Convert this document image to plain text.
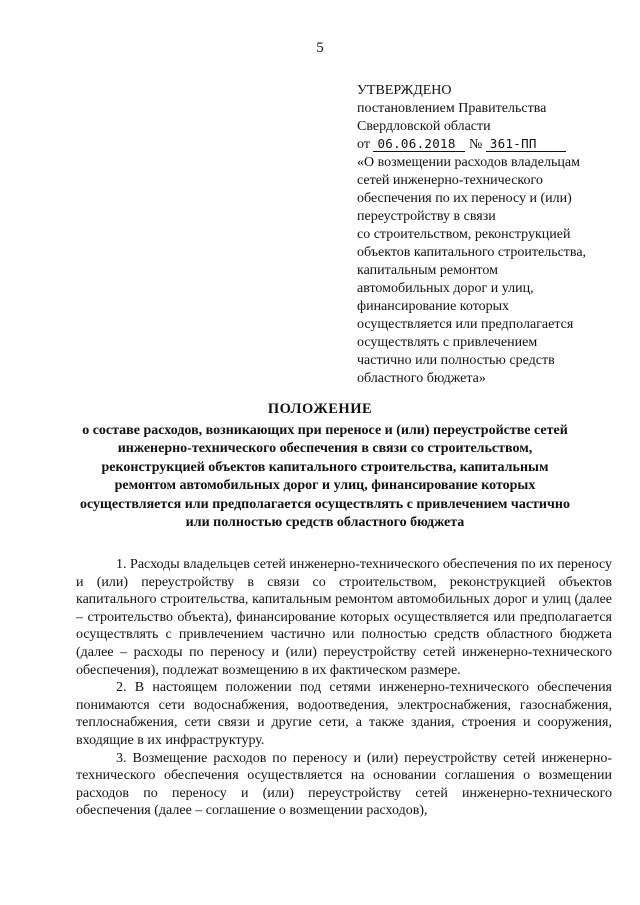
5
УТВЕРЖДЕНО
постановлением Правительства
Свердловской области
от 06.06.2018 № 361-ПП
«О возмещении расходов владельцам
сетей инженерно-технического
обеспечения по их переносу и (или)
переустройству в связи
со строительством, реконструкцией
объектов капитального строительства,
капитальным ремонтом
автомобильных дорог и улиц,
финансирование которых
осуществляется или предполагается
осуществлять с привлечением
частично или полностью средств
областного бюджета»
ПОЛОЖЕНИЕ
о составе расходов, возникающих при переносе и (или) переустройстве сетей инженерно-технического обеспечения в связи со строительством, реконструкцией объектов капитального строительства, капитальным ремонтом автомобильных дорог и улиц, финансирование которых осуществляется или предполагается осуществлять с привлечением частично или полностью средств областного бюджета

1. Расходы владельцев сетей инженерно-технического обеспечения по их переносу и (или) переустройству в связи со строительством, реконструкцией объектов капитального строительства, капитальным ремонтом автомобильных дорог и улиц (далее – строительство объекта), финансирование которых осуществляется или предполагается осуществлять с привлечением частично или полностью средств областного бюджета (далее – расходы по переносу и (или) переустройству сетей инженерно-технического обеспечения), подлежат возмещению в их фактическом размере.

2. В настоящем положении под сетями инженерно-технического обеспечения понимаются сети водоснабжения, водоотведения, электроснабжения, газоснабжения, теплоснабжения, сети связи и другие сети, а также здания, строения и сооружения, входящие в их инфраструктуру.

3. Возмещение расходов по переносу и (или) переустройству сетей инженерно-технического обеспечения осуществляется на основании соглашения о возмещении расходов по переносу и (или) переустройству сетей инженерно-технического обеспечения (далее – соглашение о возмещении расходов),
